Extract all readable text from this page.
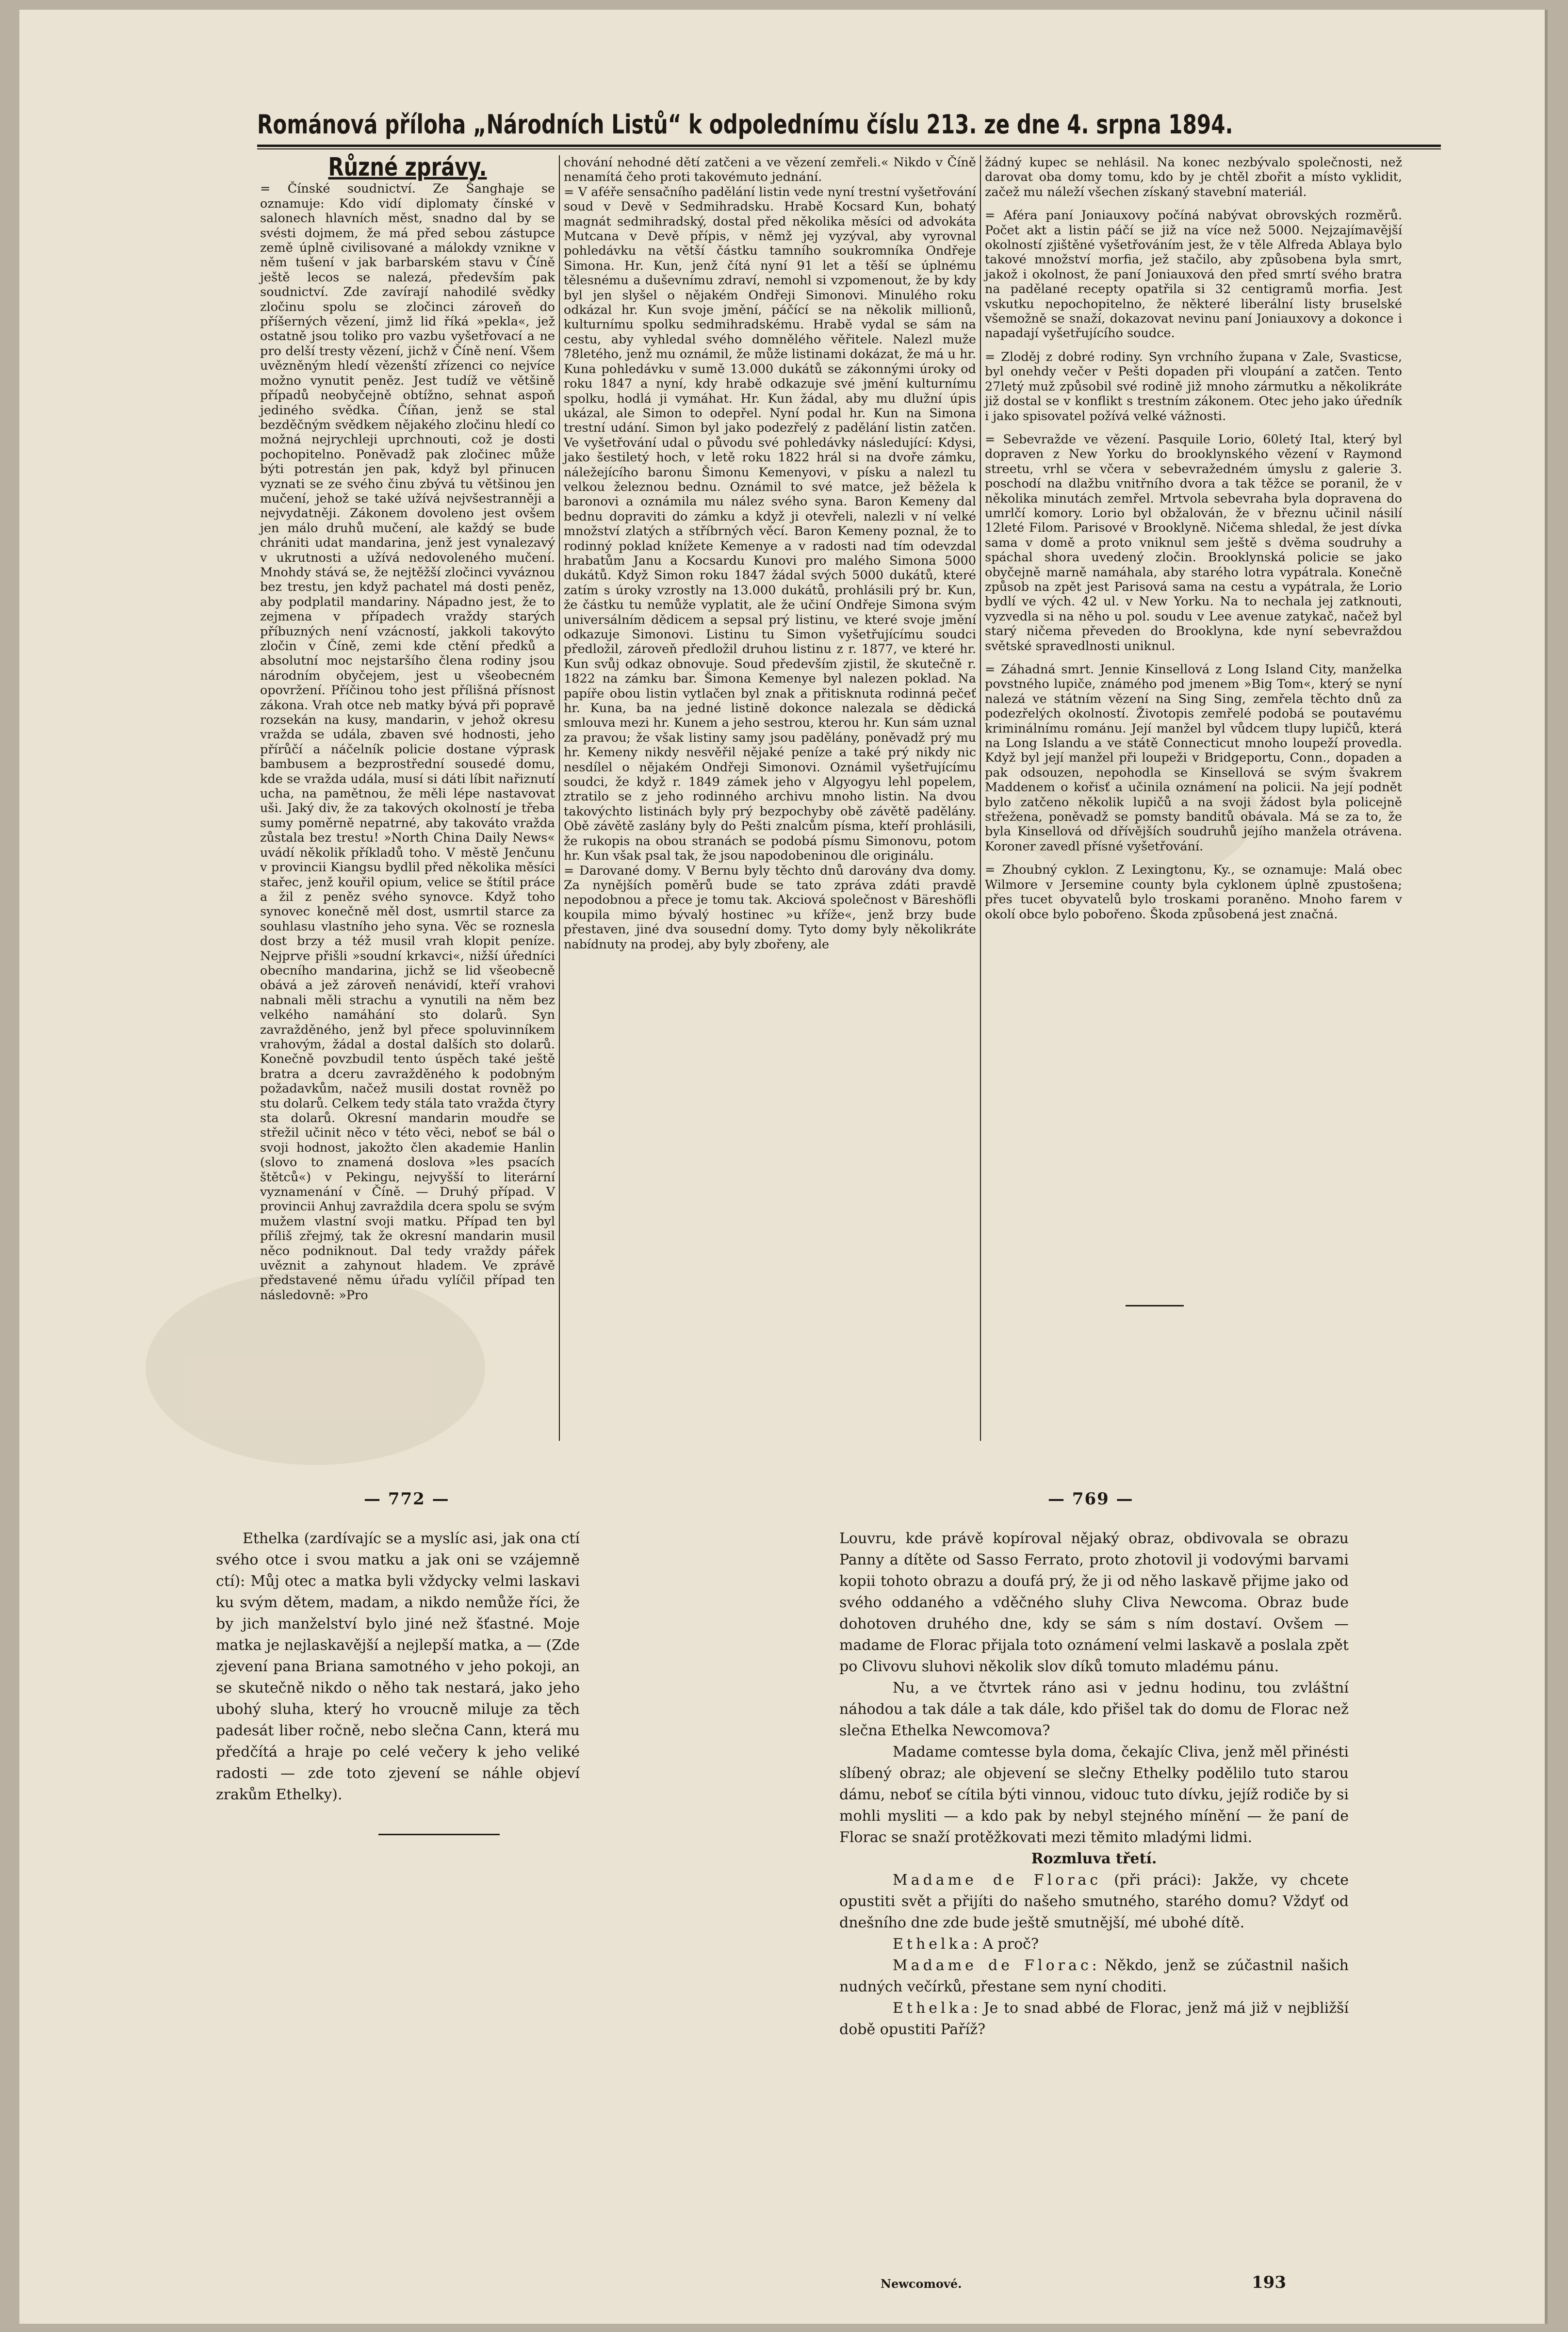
Románová příloha „Národních Listů“ k odpolednímu číslu 213. ze dne 4. srpna 1894.
Různé zprávy.

= Čínské soudnictví. Ze Šanghaje se oznamuje: Kdo vidí diplomaty čínské v salonech hlavních měst, snadno dal by se svésti dojmem, že má před sebou zástupce země úplně civilisované a málokdy vznikne v něm tušení v jak barbarském stavu v Číně ještě lecos se nalezá, především pak soudnictví. Zde zavírají nahodilé svědky zločinu spolu se zločinci zároveň do příšerných vězení, jimž lid říká »pekla«, jež ostatně jsou toliko pro vazbu vyšetřovací a ne pro delší tresty vězení, jichž v Číně není. Všem uvězněným hledí vězenští zřízenci co nejvíce možno vynutit peněz. Jest tudíž ve většině případů neobyčejně obtížno, sehnat aspoň jediného svědka. Číňan, jenž se stal bezděčným svědkem nějakého zločinu hledí co možná nejrychleji uprchnouti, což je dosti pochopitelno. Poněvadž pak zločinec může býti potrestán jen pak, když byl přinucen vyznati se ze svého činu zbývá tu většinou jen mučení, jehož se také užívá nejvšestranněji a nejvydatněji. Zákonem dovoleno jest ovšem jen málo druhů mučení, ale každý se bude chrániti udat mandarina, jenž jest vynalezavý v ukrutnosti a užívá nedovoleného mučení. Mnohdy stává se, že nejtěžší zločinci vyváznou bez trestu, jen když pachatel má dosti peněz, aby podplatil mandariny. Nápadno jest, že to zejmena v případech vraždy starých příbuzných není vzácností, jakkoli takovýto zločin v Číně, zemi kde ctění předků a absolutní moc nejstaršího člena rodiny jsou národním obyčejem, jest u všeobecném opovržení. Příčinou toho jest přílišná přísnost zákona. Vrah otce neb matky bývá při popravě rozsekán na kusy, mandarin, v jehož okresu vražda se udála, zbaven své hodnosti, jeho přírůčí a náčelník policie dostane výprask bambusem a bezprostřední sousedé domu, kde se vražda udála, musí si dáti líbit nařiznutí ucha, na pamětnou, že měli lépe nastavovat uši. Jaký div, že za takových okolností je třeba sumy poměrně nepatrné, aby takováto vražda zůstala bez trestu! »North China Daily News« uvádí několik příkladů toho. V městě Jenčunu v provincii Kiangsu bydlil před několika měsíci stařec, jenž kouřil opium, velice se štítil práce a žil z peněz svého synovce. Když toho synovec konečně měl dost, usmrtil starce za souhlasu vlastního jeho syna. Věc se roznesla dost brzy a též musil vrah klopit peníze. Nejprve přišli »soudní krkavci«, nižší úředníci obecního mandarina, jichž se lid všeobecně obává a jež zároveň nenávidí, kteří vrahovi nabnali měli strachu a vynutili na něm bez velkého namáhání sto dolarů. Syn zavražděného, jenž byl přece spoluvinníkem vrahovým, žádal a dostal dalších sto dolarů. Konečně povzbudil tento úspěch také ještě bratra a dceru zavražděného k podobným požadavkům, načež musili dostat rovněž po stu dolarů. Celkem tedy stála tato vražda čtyry sta dolarů. Okresní mandarin moudře se střežil učinit něco v této věci, neboť se bál o svoji hodnost, jakožto člen akademie Hanlin (slovo to znamená doslova »les psacích štětců«) v Pekingu, nejvyšší to literární vyznamenání v Číně. — Druhý případ. V provincii Anhuj zavraždila dcera spolu se svým mužem vlastní svoji matku. Případ ten byl příliš zřejmý, tak že okresní mandarin musil něco podniknout. Dal tedy vraždy pářek uvěznit a zahynout hladem. Ve zprávě představené němu úřadu vylíčil případ ten následovně: »Pro

chování nehodné dětí zatčeni a ve vězení zemřeli.« Nikdo v Číně nenamítá čeho proti takovémuto jednání.

= V aféře sensačního padělání listin vede nyní trestní vyšetřování soud v Devě v Sedmihradsku. Hrabě Kocsard Kun, bohatý magnát sedmihradský, dostal před několika měsíci od advokáta Mutcana v Devě přípis, v němž jej vyzýval, aby vyrovnal pohledávku na větší částku tamního soukromníka Ondřeje Simona. Hr. Kun, jenž čítá nyní 91 let a těší se úplnému tělesnému a duševnímu zdraví, nemohl si vzpomenout, že by kdy byl jen slyšel o nějakém Ondřeji Simonovi. Minulého roku odkázal hr. Kun svoje jmění, páčící se na několik millionů, kulturnímu spolku sedmihradskému. Hrabě vydal se sám na cestu, aby vyhledal svého domnělého věřitele. Nalezl muže 78letého, jenž mu oznámil, že může listinami dokázat, že má u hr. Kuna pohledávku v sumě 13.000 dukátů se zákonnými úroky od roku 1847 a nyní, kdy hrabě odkazuje své jmění kulturnímu spolku, hodlá ji vymáhat. Hr. Kun žádal, aby mu dlužní úpis ukázal, ale Simon to odepřel. Nyní podal hr. Kun na Simona trestní udání. Simon byl jako podezřelý z padělání listin zatčen. Ve vyšetřování udal o původu své pohledávky následující: Kdysi, jako šestiletý hoch, v letě roku 1822 hrál si na dvoře zámku, náležejícího baronu Šimonu Kemenyovi, v písku a nalezl tu velkou železnou bednu. Oznámil to své matce, jež běžela k baronovi a oznámila mu nález svého syna. Baron Kemeny dal bednu dopraviti do zámku a když ji otevřeli, nalezli v ní velké množství zlatých a stříbrných věcí. Baron Kemeny poznal, že to rodinný poklad knížete Kemenye a v radosti nad tím odevzdal hrabatům Janu a Kocsardu Kunovi pro malého Simona 5000 dukátů. Když Simon roku 1847 žádal svých 5000 dukátů, které zatím s úroky vzrostly na 13.000 dukátů, prohlásili prý br. Kun, že částku tu nemůže vyplatit, ale že učiní Ondřeje Simona svým universálním dědicem a sepsal prý listinu, ve které svoje jmění odkazuje Simonovi. Listinu tu Simon vyšetřujícímu soudci předložil, zároveň předložil druhou listinu z r. 1877, ve které hr. Kun svůj odkaz obnovuje. Soud především zjistil, že skutečně r. 1822 na zámku bar. Šimona Kemenye byl nalezen poklad. Na papíře obou listin vytlačen byl znak a přitisknuta rodinná pečeť hr. Kuna, ba na jedné listině dokonce nalezala se dědická smlouva mezi hr. Kunem a jeho sestrou, kterou hr. Kun sám uznal za pravou; že však listiny samy jsou padělány, poněvadž prý mu hr. Kemeny nikdy nesvěřil nějaké peníze a také prý nikdy nic nesdílel o nějakém Ondřeji Simonovi. Oznámil vyšetřujícímu soudci, že když r. 1849 zámek jeho v Algyogyu lehl popelem, ztratilo se z jeho rodinného archivu mnoho listin. Na dvou takovýchto listinách byly prý bezpochyby obě závětě padělány. Obě závětě zaslány byly do Pešti znalcům písma, kteří prohlásili, že rukopis na obou stranách se podobá písmu Simonovu, potom hr. Kun však psal tak, že jsou napodobeninou dle originálu.

= Darované domy. V Bernu byly těchto dnů darovány dva domy. Za nynějších poměrů bude se tato zpráva zdáti pravdě nepodobnou a přece je tomu tak. Akciová společnost v Bäreshöfli koupila mimo bývalý hostinec »u kříže«, jenž brzy bude přestaven, jiné dva sousední domy. Tyto domy byly několikráte nabídnuty na prodej, aby byly zbořeny, ale

žádný kupec se nehlásil. Na konec nezbývalo společnosti, než darovat oba domy tomu, kdo by je chtěl zbořit a místo vyklidit, začež mu náleží všechen získaný stavební materiál.

= Aféra paní Joniauxovy počíná nabývat obrovských rozměrů. Počet akt a listin páčí se již na více než 5000. Nejzajímavější okolností zjištěné vyšetřováním jest, že v těle Alfreda Ablaya bylo takové množství morfia, jež stačilo, aby způsobena byla smrt, jakož i okolnost, že paní Joniauxová den před smrtí svého bratra na padělané recepty opatřila si 32 centigramů morfia. Jest vskutku nepochopitelno, že některé liberální listy bruselské všemožně se snaží, dokazovat nevinu paní Joniauxovy a dokonce i napadají vyšetřujícího soudce.

= Zloděj z dobré rodiny. Syn vrchního župana v Zale, Svasticse, byl onehdy večer v Pešti dopaden při vloupání a zatčen. Tento 27letý muž způsobil své rodině již mnoho zármutku a několikráte již dostal se v konflikt s trestním zákonem. Otec jeho jako úředník i jako spisovatel požívá velké vážnosti.

= Sebevražde ve vězení. Pasquile Lorio, 60letý Ital, který byl dopraven z New Yorku do brooklynského vězení v Raymond streetu, vrhl se včera v sebevražedném úmyslu z galerie 3. poschodí na dlažbu vnitřního dvora a tak těžce se poranil, že v několika minutách zemřel. Mrtvola sebevraha byla dopravena do umrlčí komory. Lorio byl obžalován, že v březnu učinil násilí 12leté Filom. Parisové v Brooklyně. Ničema shledal, že jest dívka sama v domě a proto vniknul sem ještě s dvěma soudruhy a spáchal shora uvedený zločin. Brooklynská policie se jako obyčejně marně namáhala, aby starého lotra vypátrala. Konečně způsob na zpět jest Parisová sama na cestu a vypátrala, že Lorio bydlí ve vých. 42 ul. v New Yorku. Na to nechala jej zatknouti, vyzvedla si na něho u pol. soudu v Lee avenue zatykač, načež byl starý ničema převeden do Brooklyna, kde nyní sebevraždou světské spravedlnosti uniknul.

= Záhadná smrt. Jennie Kinsellová z Long Island City, manželka povstného lupiče, známého pod jmenem »Big Tom«, který se nyní nalezá ve státním vězení na Sing Sing, zemřela těchto dnů za podezřelých okolností. Životopis zemřelé podobá se poutavému kriminálnímu románu. Její manžel byl vůdcem tlupy lupičů, která na Long Islandu a ve státě Connecticut mnoho loupeží provedla. Když byl její manžel při loupeži v Bridgeportu, Conn., dopaden a pak odsouzen, nepohodla se Kinsellová se svým švakrem Maddenem o kořisť a učinila oznámení na policii. Na její podnět bylo zatčeno několik lupičů a na svoji žádost byla policejně střežena, poněvadž se pomsty banditů obávala. Má se za to, že byla Kinsellová od dřívějších soudruhů jejího manžela otrávena. Koroner zavedl přísné vyšetřování.

= Zhoubný cyklon. Z Lexingtonu, Ky., se oznamuje: Malá obec Wilmore v Jersemine county byla cyklonem úplně zpustošena; přes tucet obyvatelů bylo troskami poraněno. Mnoho farem v okolí obce bylo pobořeno. Škoda způsobená jest značná.

— 772 —	— 769 —

Ethelka (zardívajíc se a myslíc asi, jak ona ctí svého otce i svou matku a jak oni se vzájemně ctí): Můj otec a matka byli vždycky velmi laskavi ku svým dětem, madam, a nikdo nemůže říci, že by jich manželství bylo jiné než šťastné. Moje matka je nejlaskavější a nejlepší matka, a — (Zde zjevení pana Briana samotného v jeho pokoji, an se skutečně nikdo o něho tak nestará, jako jeho ubohý sluha, který ho vroucně miluje za těch padesát liber ročně, nebo slečna Cann, která mu předčítá a hraje po celé večery k jeho veliké radosti — zde toto zjevení se náhle objeví zrakům Ethelky).

Louvru, kde právě kopíroval nějaký obraz, obdivovala se obrazu Panny a dítěte od Sasso Ferrato, proto zhotovil ji vodovými barvami kopii tohoto obrazu a doufá prý, že ji od něho laskavě přijme jako od svého oddaného a vděčného sluhy Cliva Newcoma. Obraz bude dohotoven druhého dne, kdy se sám s ním dostaví. Ovšem — madame de Florac přijala toto oznámení velmi laskavě a poslala zpět po Clivovu sluhovi několik slov díků tomuto mladému pánu.

Nu, a ve čtvrtek ráno asi v jednu hodinu, tou zvláštní náhodou a tak dále a tak dále, kdo přišel tak do domu de Florac než slečna Ethelka Newcomova?

Madame comtesse byla doma, čekajíc Cliva, jenž měl přinésti slíbený obraz; ale objevení se slečny Ethelky podělilo tuto starou dámu, neboť se cítila býti vinnou, vidouc tuto dívku, jejíž rodiče by si mohli mysliti — a kdo pak by nebyl stejného mínění — že paní de Florac se snaží protěžkovati mezi těmito mladými lidmi.

Rozmluva třetí.

Madame de Florac (při práci): Jakže, vy chcete opustiti svět a přijíti do našeho smutného, starého domu? Vždyť od dnešního dne zde bude ještě smutnější, mé ubohé dítě.

Ethelka: A proč?

Madame de Florac: Někdo, jenž se zúčastnil našich nudných večírků, přestane sem nyní choditi.

Ethelka: Je to snad abbé de Florac, jenž má již v nejbližší době opustiti Paříž?

Newcomové.	193
